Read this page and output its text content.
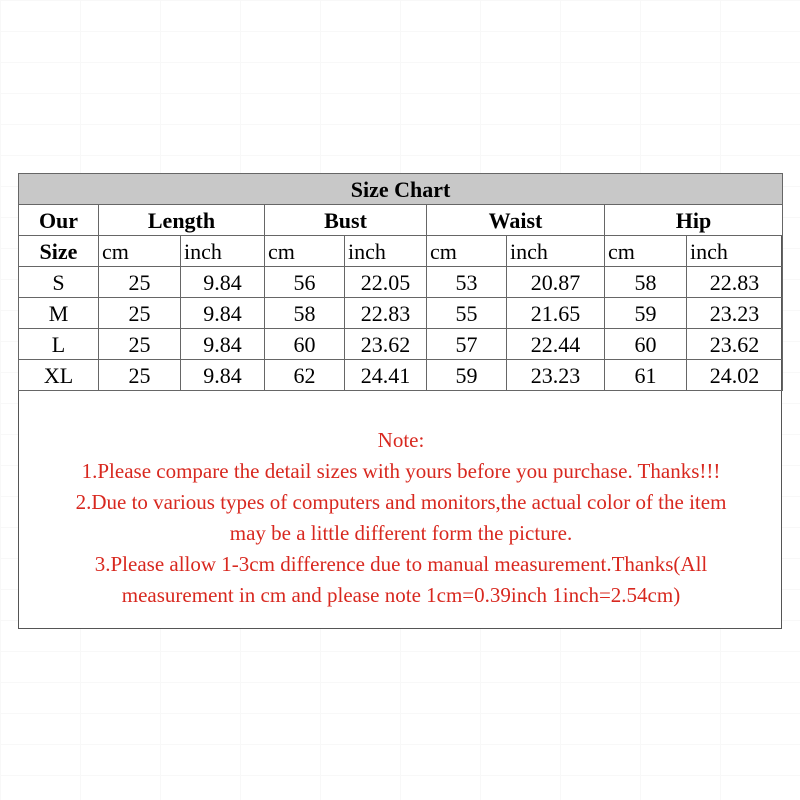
Size Chart								
Our	Length		Bust		Waist		Hip	
Size	cm	inch	cm	inch	cm	inch	cm	inch
S	25	9.84	56	22.05	53	20.87	58	22.83
M	25	9.84	58	22.83	55	21.65	59	23.23
L	25	9.84	60	23.62	57	22.44	60	23.62
XL	25	9.84	62	24.41	59	23.23	61	24.02
Note:
1.Please compare the detail sizes with yours before you purchase. Thanks!!!
2.Due to various types of computers and monitors,the actual color of the item
may be a little different form the picture.
3.Please allow 1-3cm difference due to manual measurement.Thanks(All
measurement in cm and please note 1cm=0.39inch 1inch=2.54cm)
